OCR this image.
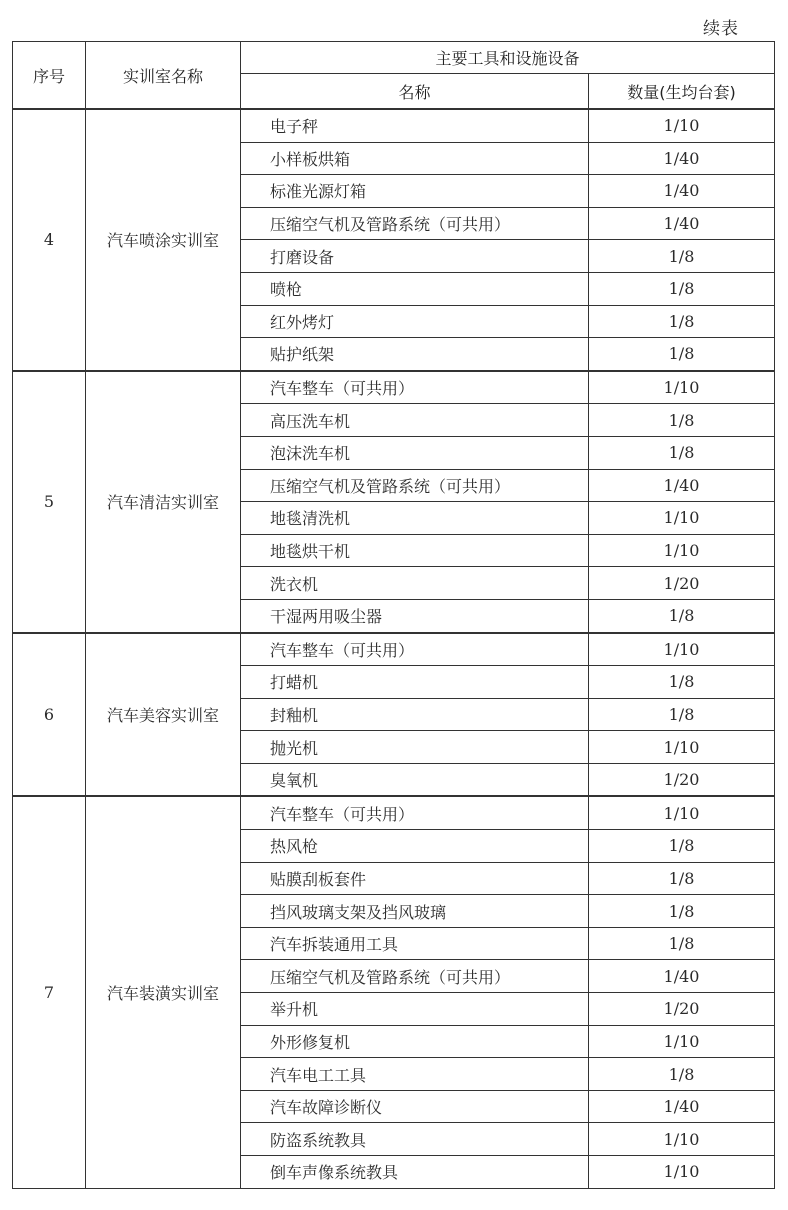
续表
序号	实训室名称	主要工具和设施设备	
		名称	数量(生均台套)
4	汽车喷涂实训室	电子秤	1/10
		小样板烘箱	1/40
		标准光源灯箱	1/40
		压缩空气机及管路系统（可共用）	1/40
		打磨设备	1/8
		喷枪	1/8
		红外烤灯	1/8
		贴护纸架	1/8
5	汽车清洁实训室	汽车整车（可共用）	1/10
		高压洗车机	1/8
		泡沫洗车机	1/8
		压缩空气机及管路系统（可共用）	1/40
		地毯清洗机	1/10
		地毯烘干机	1/10
		洗衣机	1/20
		干湿两用吸尘器	1/8
6	汽车美容实训室	汽车整车（可共用）	1/10
		打蜡机	1/8
		封釉机	1/8
		抛光机	1/10
		臭氧机	1/20
7	汽车装潢实训室	汽车整车（可共用）	1/10
		热风枪	1/8
		贴膜刮板套件	1/8
		挡风玻璃支架及挡风玻璃	1/8
		汽车拆装通用工具	1/8
		压缩空气机及管路系统（可共用）	1/40
		举升机	1/20
		外形修复机	1/10
		汽车电工工具	1/8
		汽车故障诊断仪	1/40
		防盗系统教具	1/10
		倒车声像系统教具	1/10
